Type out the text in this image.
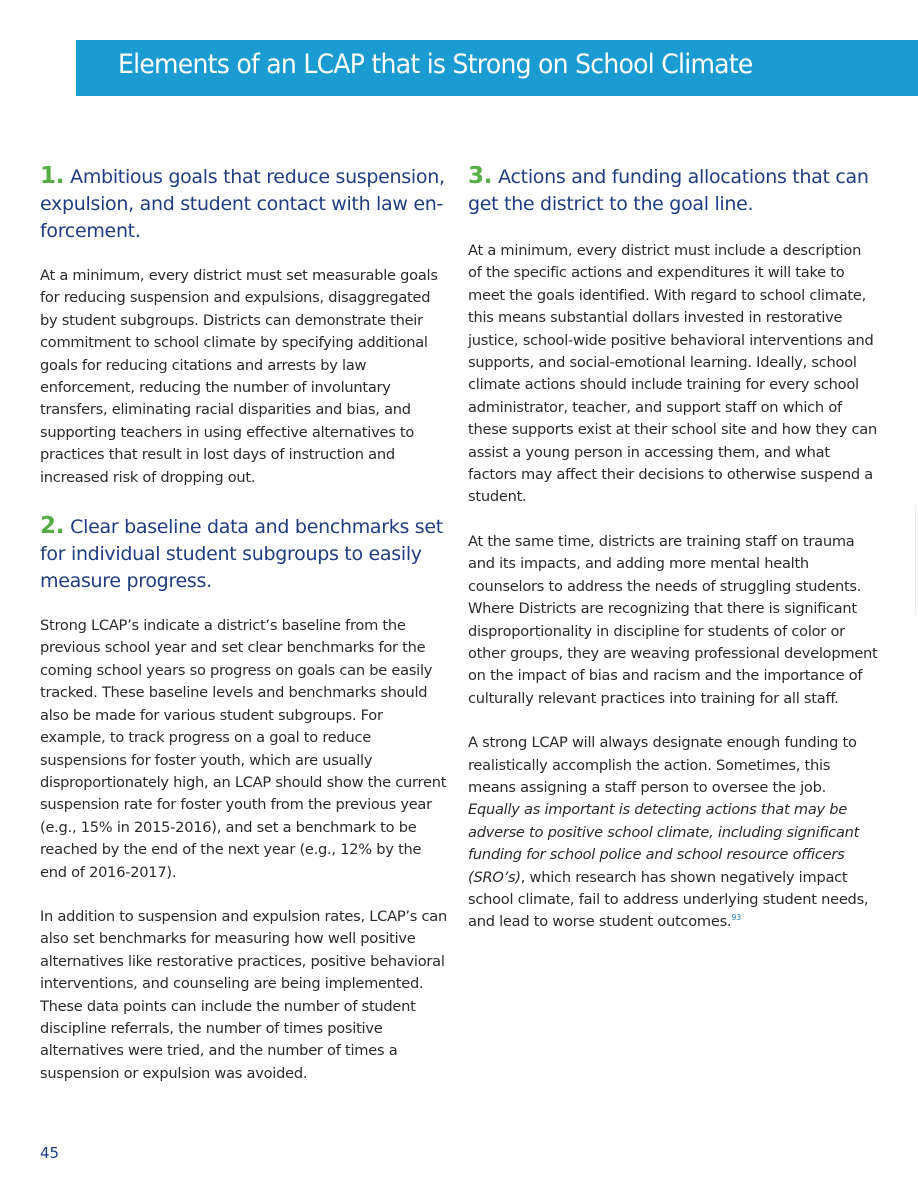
Elements of an LCAP that is Strong on School Climate
1. Ambitious goals that reduce suspension, expulsion, and student contact with law en-forcement.

At a minimum, every district must set measurable goals for reducing suspension and expulsions, disaggregated by student subgroups. Districts can demonstrate their commitment to school climate by specifying additional goals for reducing citations and arrests by law enforcement, reducing the number of involuntary transfers, eliminating racial disparities and bias, and supporting teachers in using effective alternatives to practices that result in lost days of instruction and increased risk of dropping out.

2. Clear baseline data and benchmarks set for individual student subgroups to easily measure progress.

Strong LCAP’s indicate a district’s baseline from the previous school year and set clear benchmarks for the coming school years so progress on goals can be easily tracked. These baseline levels and benchmarks should also be made for various student subgroups. For example, to track progress on a goal to reduce suspensions for foster youth, which are usually disproportionately high, an LCAP should show the current suspension rate for foster youth from the previous year (e.g., 15% in 2015-2016), and set a benchmark to be reached by the end of the next year (e.g., 12% by the end of 2016-2017).

In addition to suspension and expulsion rates, LCAP’s can also set benchmarks for measuring how well positive alternatives like restorative practices, positive behavioral interventions, and counseling are being implemented. These data points can include the number of student discipline referrals, the number of times positive alternatives were tried, and the number of times a suspension or expulsion was avoided.

3. Actions and funding allocations that can get the district to the goal line.

At a minimum, every district must include a description of the specific actions and expenditures it will take to meet the goals identified. With regard to school climate, this means substantial dollars invested in restorative justice, school-wide positive behavioral interventions and supports, and social-emotional learning. Ideally, school climate actions should include training for every school administrator, teacher, and support staff on which of these supports exist at their school site and how they can assist a young person in accessing them, and what factors may affect their decisions to otherwise suspend a student.

At the same time, districts are training staff on trauma and its impacts, and adding more mental health counselors to address the needs of struggling students. Where Districts are recognizing that there is significant disproportionality in discipline for students of color or other groups, they are weaving professional development on the impact of bias and racism and the importance of culturally relevant practices into training for all staff.

A strong LCAP will always designate enough funding to realistically accomplish the action. Sometimes, this means assigning a staff person to oversee the job. Equally as important is detecting actions that may be adverse to positive school climate, including significant funding for school police and school resource officers (SRO’s), which research has shown negatively impact school climate, fail to address underlying student needs, and lead to worse student outcomes.$^{93}$

45
